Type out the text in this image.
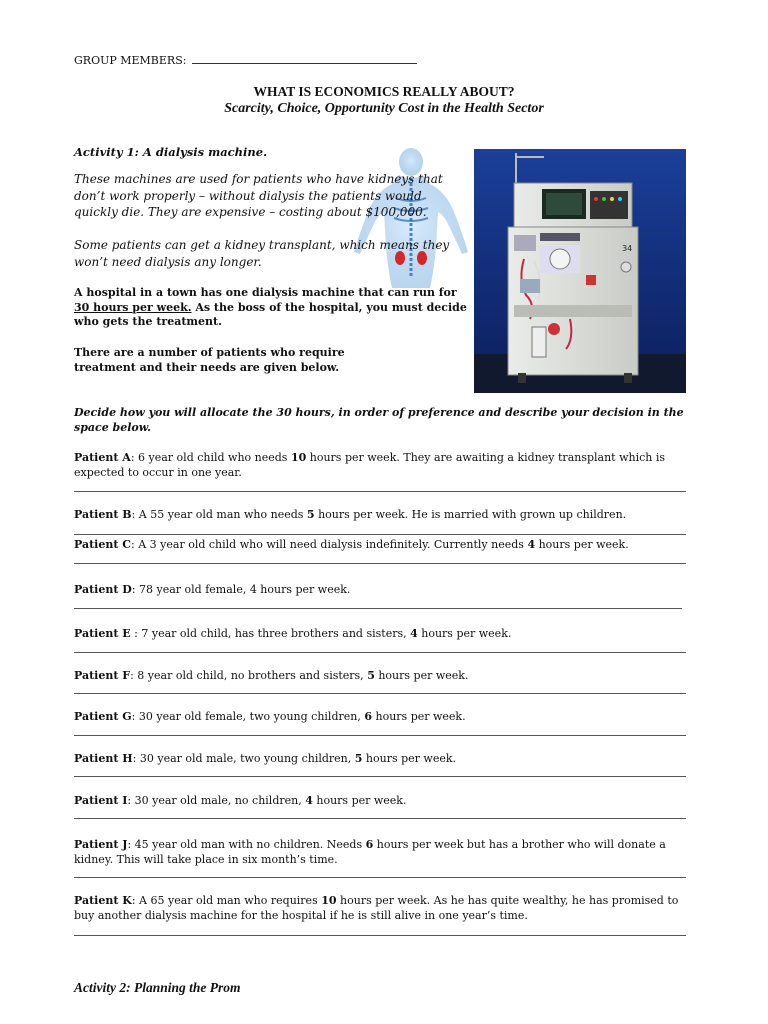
GROUP MEMBERS:
WHAT IS ECONOMICS REALLY ABOUT?
Scarcity, Choice, Opportunity Cost in the Health Sector
Activity 1: A dialysis machine.
These machines are used for patients who have kidneys that don’t work properly – without dialysis the patients would quickly die. They are expensive – costing about $100,000.
Some patients can get a kidney transplant, which means they won’t need dialysis any longer.
A hospital in a town has one dialysis machine that can run for 30 hours per week. As the boss of the hospital, you must decide who gets the treatment.
There are a number of patients who require treatment and their needs are given below.
34
Decide how you will allocate the 30 hours, in order of preference and describe your decision in the space below.
Patient A: 6 year old child who needs 10 hours per week. They are awaiting a kidney transplant which is expected to occur in one year.
Patient B: A 55 year old man who needs 5 hours per week. He is married with grown up children.
Patient C: A 3 year old child who will need dialysis indefinitely. Currently needs 4 hours per week.
Patient D: 78 year old female, 4 hours per week.
Patient E : 7 year old child, has three brothers and sisters, 4 hours per week.
Patient F: 8 year old child, no brothers and sisters, 5 hours per week.
Patient G: 30 year old female, two young children, 6 hours per week.
Patient H: 30 year old male, two young children, 5 hours per week.
Patient I: 30 year old male, no children, 4 hours per week.
Patient J: 45 year old man with no children. Needs 6 hours per week but has a brother who will donate a kidney. This will take place in six month’s time.
Patient K: A 65 year old man who requires 10 hours per week. As he has quite wealthy, he has promised to buy another dialysis machine for the hospital if he is still alive in one year’s time.
Activity 2: Planning the Prom
